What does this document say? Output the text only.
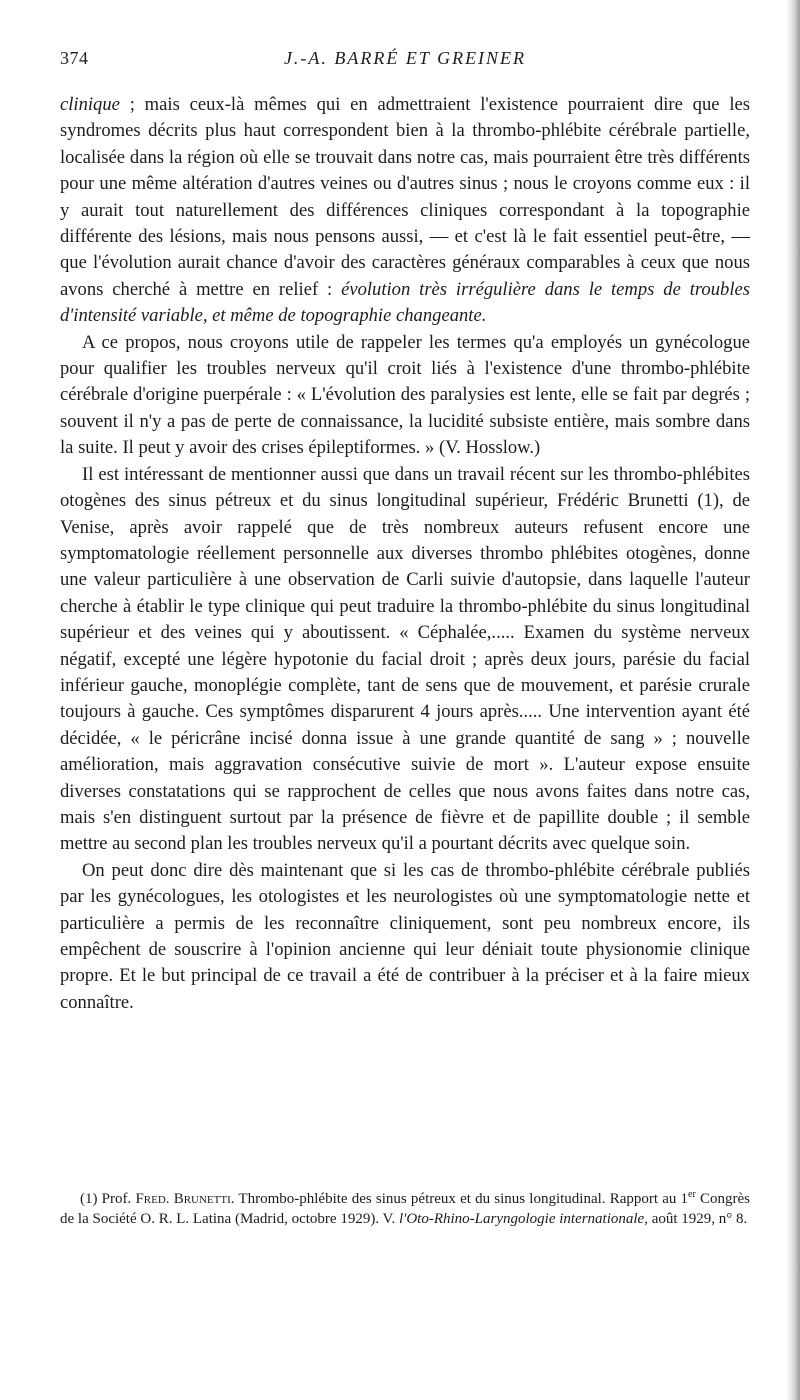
374	J.-A. BARRÉ ET GREINER

clinique ; mais ceux-là mêmes qui en admettraient l'existence pourraient dire que les syndromes décrits plus haut correspondent bien à la thrombo-phlébite cérébrale partielle, localisée dans la région où elle se trouvait dans notre cas, mais pourraient être très différents pour une même altération d'autres veines ou d'autres sinus ; nous le croyons comme eux : il y aurait tout naturellement des différences cliniques correspondant à la topographie différente des lésions, mais nous pensons aussi, — et c'est là le fait essentiel peut-être, — que l'évolution aurait chance d'avoir des caractères généraux comparables à ceux que nous avons cherché à mettre en relief : évolution très irrégulière dans le temps de troubles d'intensité variable, et même de topographie changeante.

A ce propos, nous croyons utile de rappeler les termes qu'a employés un gynécologue pour qualifier les troubles nerveux qu'il croit liés à l'existence d'une thrombo-phlébite cérébrale d'origine puerpérale : « L'évolution des paralysies est lente, elle se fait par degrés ; souvent il n'y a pas de perte de connaissance, la lucidité subsiste entière, mais sombre dans la suite. Il peut y avoir des crises épileptiformes. » (V. Hosslow.)

Il est intéressant de mentionner aussi que dans un travail récent sur les thrombo-phlébites otogènes des sinus pétreux et du sinus longitudinal supérieur, Frédéric Brunetti (1), de Venise, après avoir rappelé que de très nombreux auteurs refusent encore une symptomatologie réellement personnelle aux diverses thrombo phlébites otogènes, donne une valeur particulière à une observation de Carli suivie d'autopsie, dans laquelle l'auteur cherche à établir le type clinique qui peut traduire la thrombo-phlébite du sinus longitudinal supérieur et des veines qui y aboutissent. « Céphalée,..... Examen du système nerveux négatif, excepté une légère hypotonie du facial droit ; après deux jours, parésie du facial inférieur gauche, monoplégie complète, tant de sens que de mouvement, et parésie crurale toujours à gauche. Ces symptômes disparurent 4 jours après..... Une intervention ayant été décidée, « le péricrâne incisé donna issue à une grande quantité de sang » ; nouvelle amélioration, mais aggravation consécutive suivie de mort ». L'auteur expose ensuite diverses constatations qui se rapprochent de celles que nous avons faites dans notre cas, mais s'en distinguent surtout par la présence de fièvre et de papillite double ; il semble mettre au second plan les troubles nerveux qu'il a pourtant décrits avec quelque soin.

On peut donc dire dès maintenant que si les cas de thrombo-phlébite cérébrale publiés par les gynécologues, les otologistes et les neurologistes où une symptomatologie nette et particulière a permis de les reconnaître cliniquement, sont peu nombreux encore, ils empêchent de souscrire à l'opinion ancienne qui leur déniait toute physionomie clinique propre. Et le but principal de ce travail a été de contribuer à la préciser et à la faire mieux connaître.

(1) Prof. Fred. Brunetti. Thrombo-phlébite des sinus pétreux et du sinus longitudinal. Rapport au 1er Congrès de la Société O. R. L. Latina (Madrid, octobre 1929). V. l'Oto-Rhino-Laryngologie internationale, août 1929, n° 8.
